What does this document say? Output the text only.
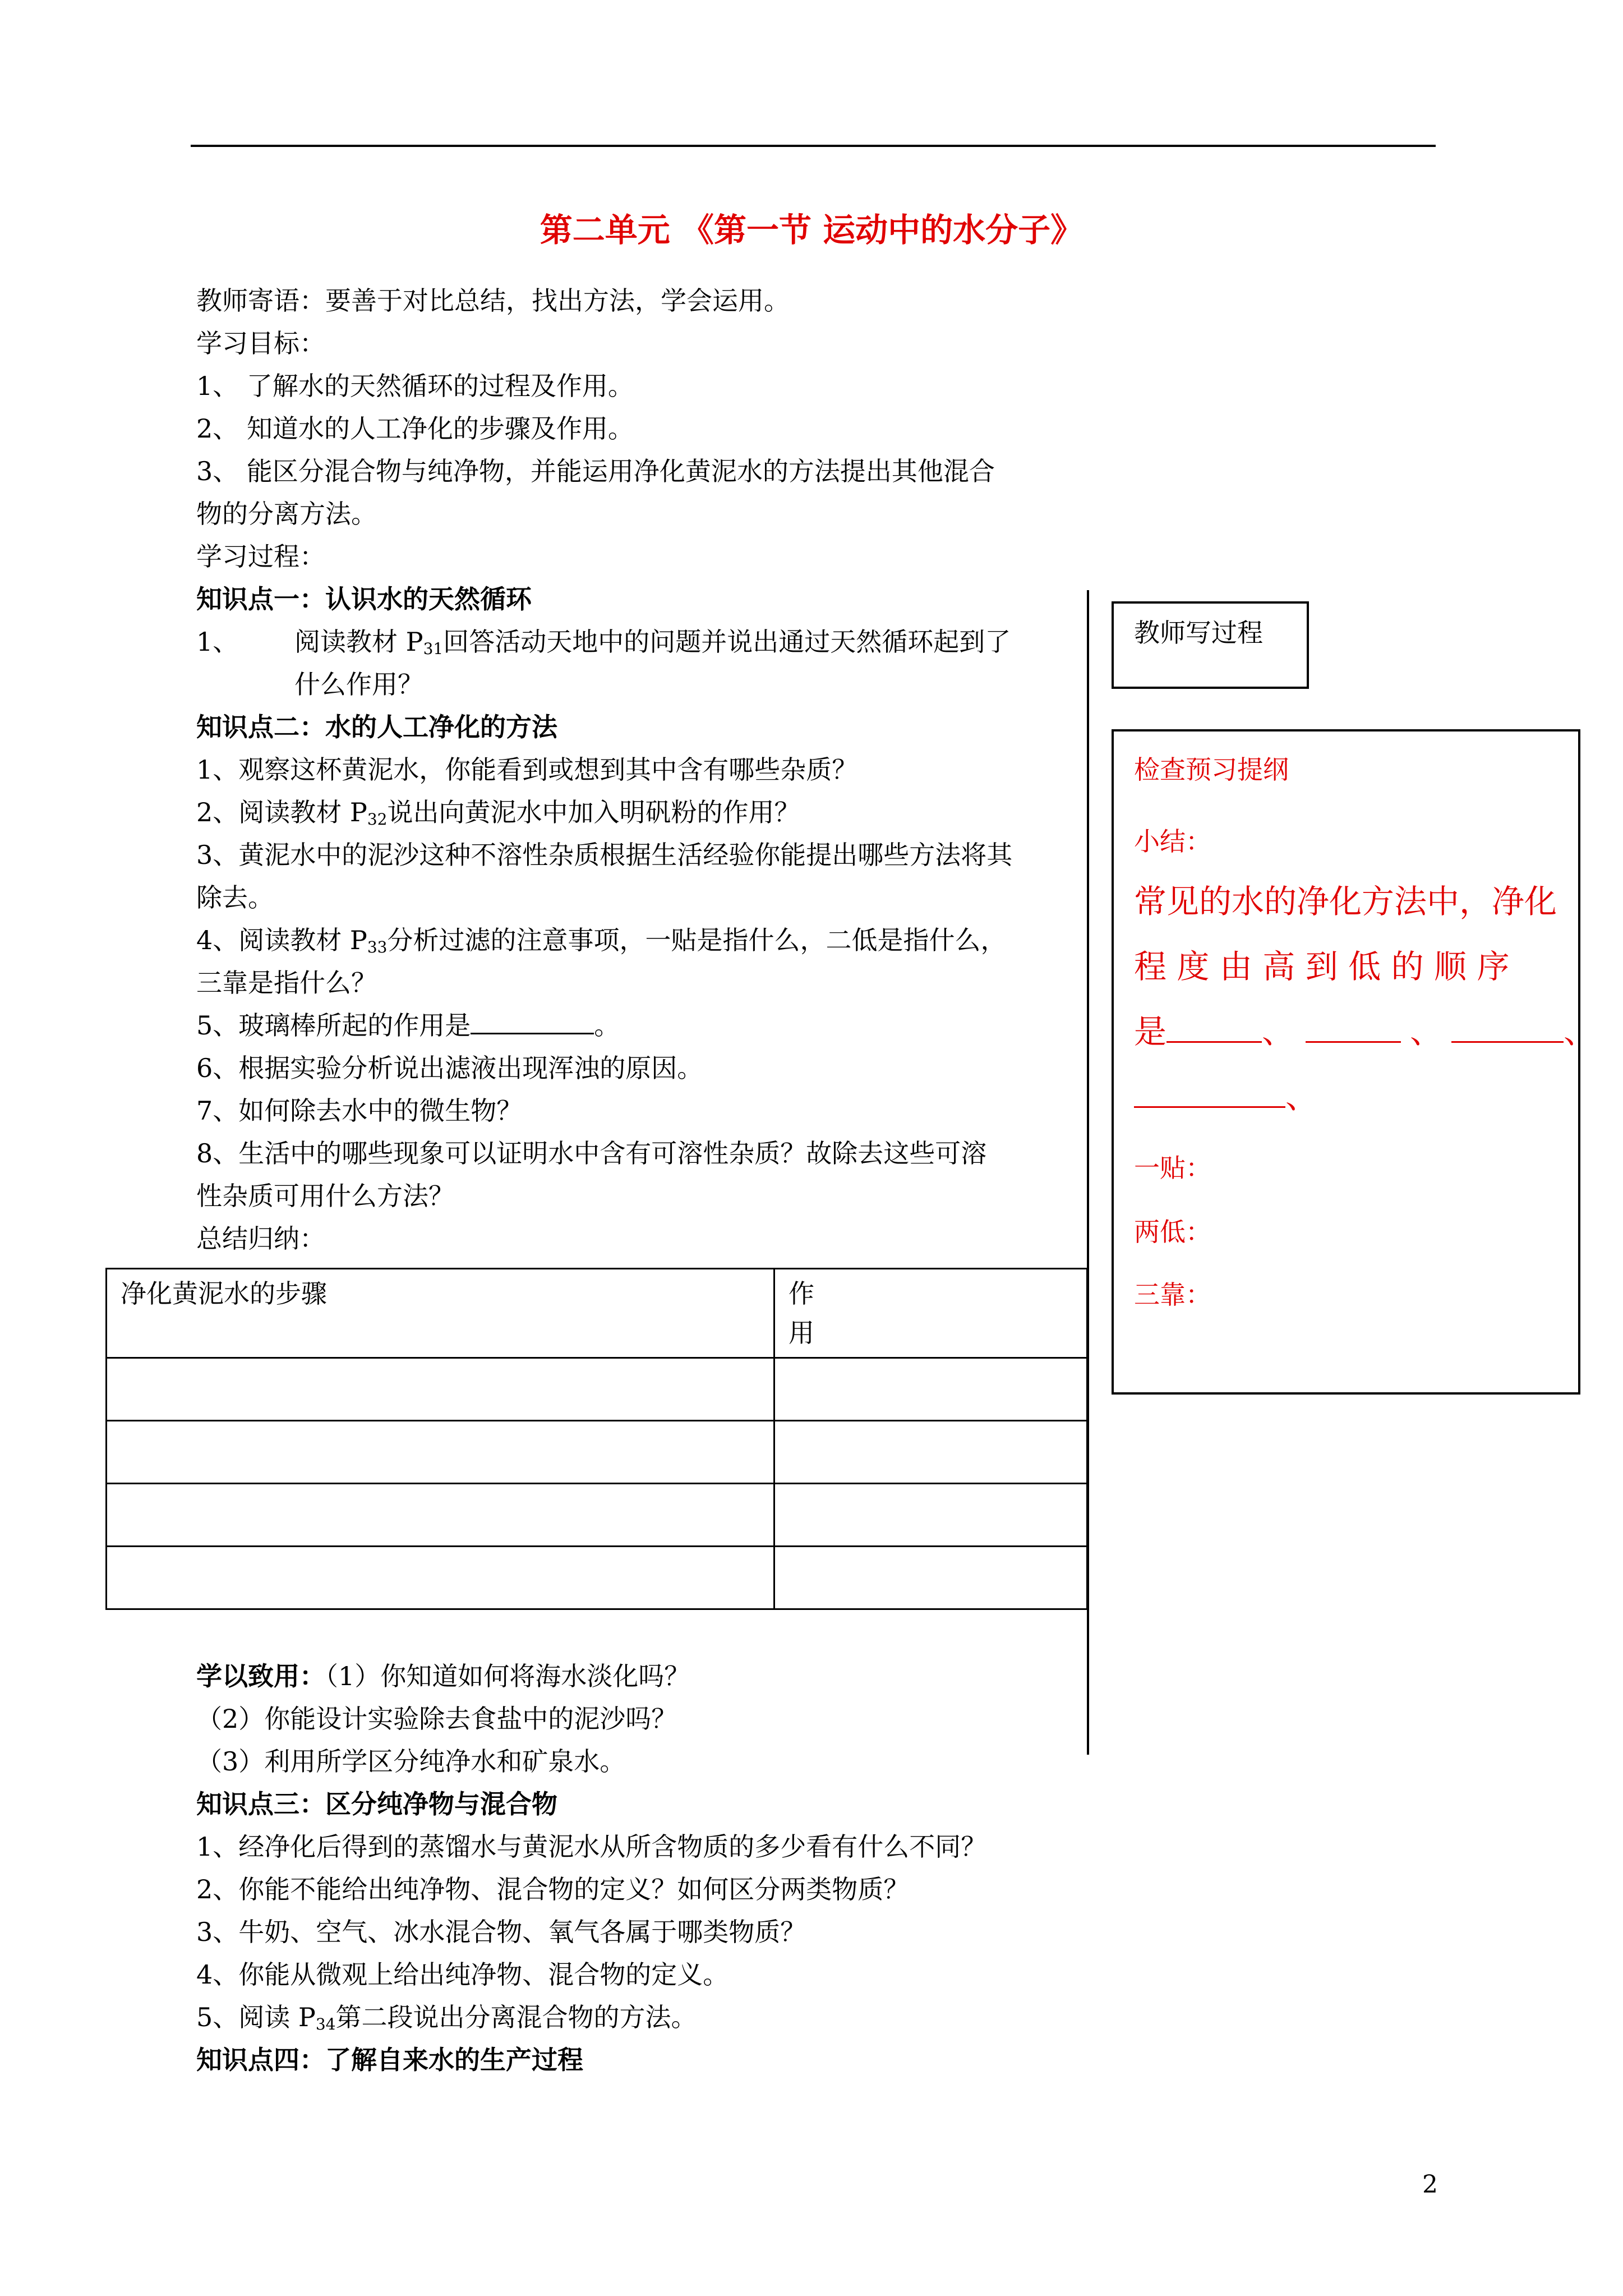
第二单元 《第一节 运动中的水分子》
教师寄语：要善于对比总结，找出方法，学会运用。
学习目标：
1、 了解水的天然循环的过程及作用。
2、 知道水的人工净化的步骤及作用。
3、 能区分混合物与纯净物，并能运用净化黄泥水的方法提出其他混合
物的分离方法。
学习过程：
知识点一：认识水的天然循环
1、 阅读教材 $P_{31}$回答活动天地中的问题并说出通过天然循环起到了
什么作用？
知识点二：水的人工净化的方法
1、观察这杯黄泥水，你能看到或想到其中含有哪些杂质？
2、阅读教材 $P_{32}$说出向黄泥水中加入明矾粉的作用？
3、黄泥水中的泥沙这种不溶性杂质根据生活经验你能提出哪些方法将其
除去。
4、阅读教材 $P_{33}$分析过滤的注意事项，一贴是指什么，二低是指什么，
三靠是指什么？
5、玻璃棒所起的作用是	。
6、根据实验分析说出滤液出现浑浊的原因。
7、如何除去水中的微生物？
8、生活中的哪些现象可以证明水中含有可溶性杂质？故除去这些可溶
性杂质可用什么方法？
总结归纳：
净化黄泥水的步骤	作
用

学以致用：（1）你知道如何将海水淡化吗？
（2）你能设计实验除去食盐中的泥沙吗？
（3）利用所学区分纯净水和矿泉水。
知识点三：区分纯净物与混合物
1、经净化后得到的蒸馏水与黄泥水从所含物质的多少看有什么不同？
2、你能不能给出纯净物、混合物的定义？如何区分两类物质？
3、牛奶、空气、冰水混合物、氧气各属于哪类物质？
4、你能从微观上给出纯净物、混合物的定义。
5、阅读 $P_{34}$第二段说出分离混合物的方法。
知识点四：了解自来水的生产过程
教师写过程
检查预习提纲
小结：
常见的水的净化方法中，净化
程 度 由 高 到 低 的 顺 序
是	、	、	、
、
一贴：
两低：
三靠：
2
